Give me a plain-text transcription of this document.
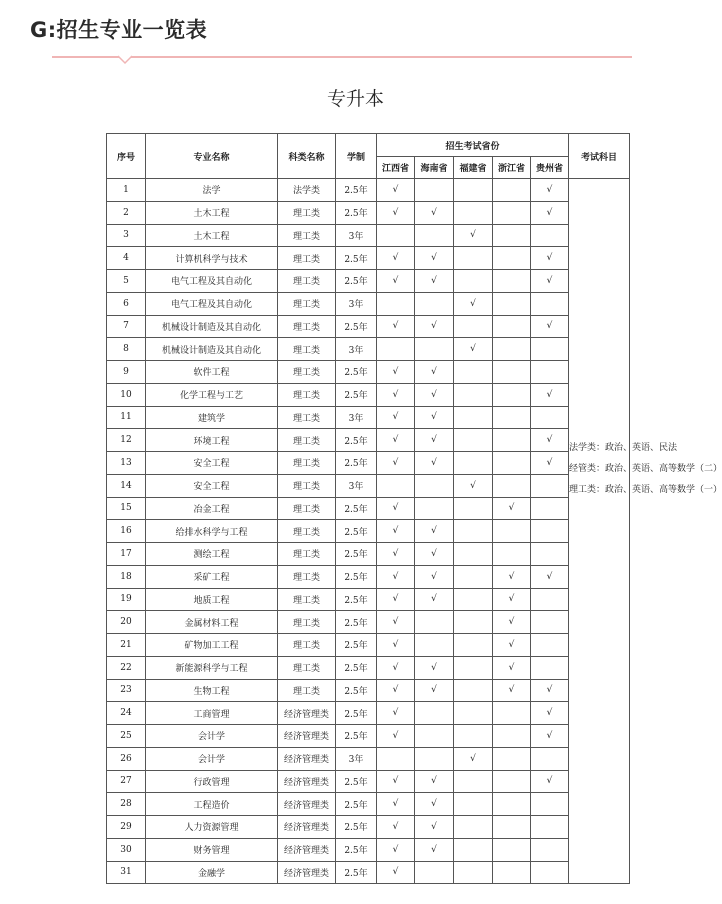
G:招生专业一览表
专升本
序号	专业名称	科类名称	学制	招生考试省份					考试科目
				江西省	海南省	福建省	浙江省	贵州省	
1	法学	法学类	2.5年	√				√	法学类：政治、英语、民法
经管类：政治、英语、高等数学（二）
理工类：政治、英语、高等数学（一）

2	土木工程	理工类	2.5年	√	√			√	
3	土木工程	理工类	3年			√			
4	计算机科学与技术	理工类	2.5年	√	√			√	
5	电气工程及其自动化	理工类	2.5年	√	√			√	
6	电气工程及其自动化	理工类	3年			√			
7	机械设计制造及其自动化	理工类	2.5年	√	√			√	
8	机械设计制造及其自动化	理工类	3年			√			
9	软件工程	理工类	2.5年	√	√				
10	化学工程与工艺	理工类	2.5年	√	√			√	
11	建筑学	理工类	3年	√	√				
12	环境工程	理工类	2.5年	√	√			√	
13	安全工程	理工类	2.5年	√	√			√	
14	安全工程	理工类	3年			√			
15	冶金工程	理工类	2.5年	√			√		
16	给排水科学与工程	理工类	2.5年	√	√				
17	测绘工程	理工类	2.5年	√	√				
18	采矿工程	理工类	2.5年	√	√		√	√	
19	地质工程	理工类	2.5年	√	√		√		
20	金属材料工程	理工类	2.5年	√			√		
21	矿物加工工程	理工类	2.5年	√			√		
22	新能源科学与工程	理工类	2.5年	√	√		√		
23	生物工程	理工类	2.5年	√	√		√	√	
24	工商管理	经济管理类	2.5年	√				√	
25	会计学	经济管理类	2.5年	√				√	
26	会计学	经济管理类	3年			√			
27	行政管理	经济管理类	2.5年	√	√			√	
28	工程造价	经济管理类	2.5年	√	√				
29	人力资源管理	经济管理类	2.5年	√	√				
30	财务管理	经济管理类	2.5年	√	√				
31	金融学	经济管理类	2.5年	√					
